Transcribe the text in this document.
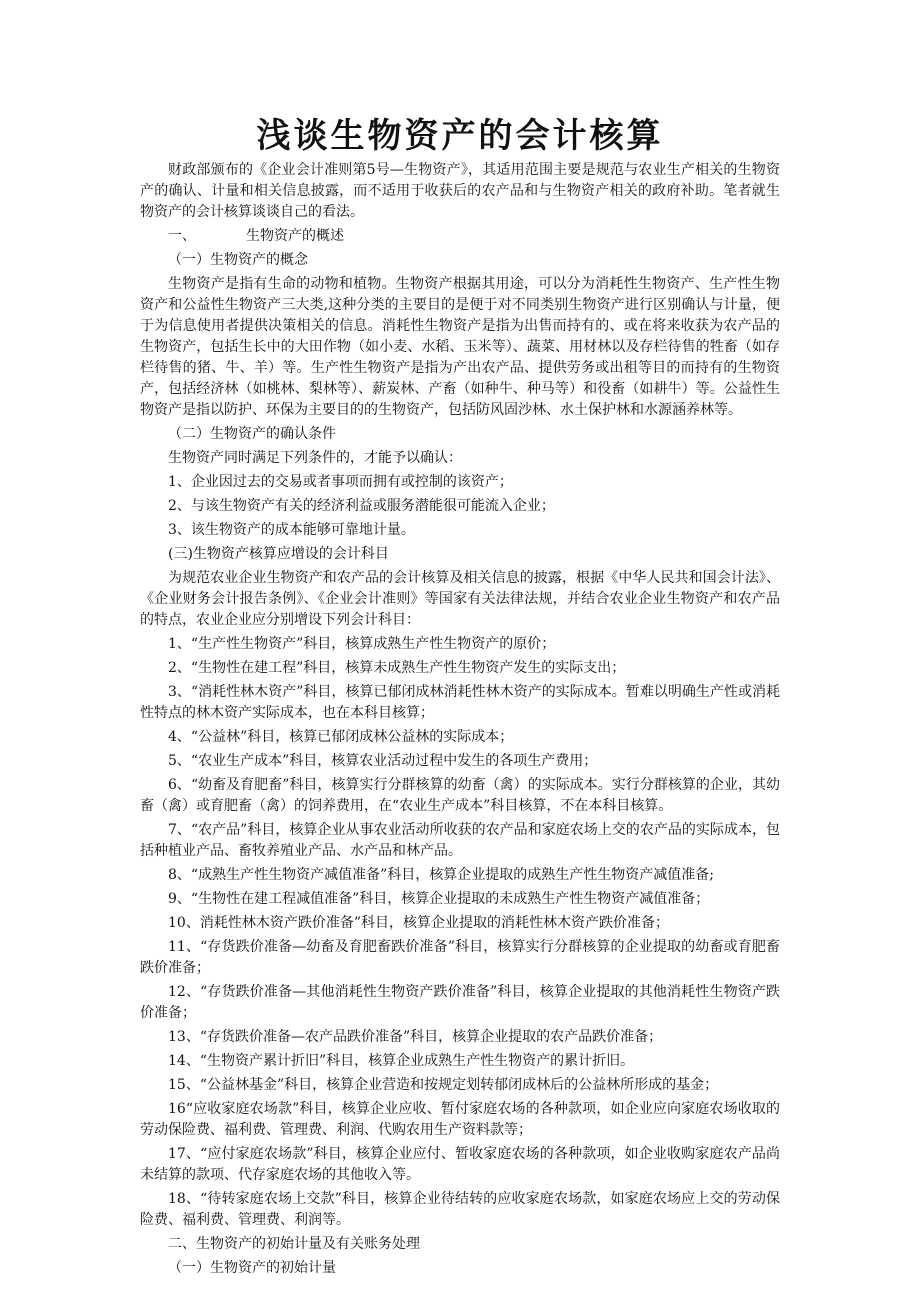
浅谈生物资产的会计核算

财政部颁布的《企业会计准则第5号—生物资产》，其适用范围主要是规范与农业生产相关的生物资产的确认、计量和相关信息披露，而不适用于收获后的农产品和与生物资产相关的政府补助。笔者就生物资产的会计核算谈谈自己的看法。

一、	生物资产的概述

（一）生物资产的概念

生物资产是指有生命的动物和植物。生物资产根据其用途，可以分为消耗性生物资产、生产性生物资产和公益性生物资产三大类,这种分类的主要目的是便于对不同类别生物资产进行区别确认与计量，便于为信息使用者提供决策相关的信息。消耗性生物资产是指为出售而持有的、或在将来收获为农产品的生物资产，包括生长中的大田作物（如小麦、水稻、玉米等）、蔬菜、用材林以及存栏待售的牲畜（如存栏待售的猪、牛、羊）等。生产性生物资产是指为产出农产品、提供劳务或出租等目的而持有的生物资产，包括经济林（如桃林、梨林等）、薪炭林、产畜（如种牛、种马等）和役畜（如耕牛）等。公益性生物资产是指以防护、环保为主要目的的生物资产，包括防风固沙林、水土保护林和水源涵养林等。

（二）生物资产的确认条件

生物资产同时满足下列条件的，才能予以确认：

1、企业因过去的交易或者事项而拥有或控制的该资产；

2、与该生物资产有关的经济利益或服务潜能很可能流入企业；

3、该生物资产的成本能够可靠地计量。

(三)生物资产核算应增设的会计科目

为规范农业企业生物资产和农产品的会计核算及相关信息的披露，根据《中华人民共和国会计法》、《企业财务会计报告条例》、《企业会计准则》等国家有关法律法规，并结合农业企业生物资产和农产品的特点，农业企业应分别增设下列会计科目：

1、“生产性生物资产”科目，核算成熟生产性生物资产的原价；

2、“生物性在建工程”科目，核算未成熟生产性生物资产发生的实际支出；

3、“消耗性林木资产”科目，核算已郁闭成林消耗性林木资产的实际成本。暂难以明确生产性或消耗性特点的林木资产实际成本，也在本科目核算；

4、“公益林”科目，核算已郁闭成林公益林的实际成本；

5、“农业生产成本”科目，核算农业活动过程中发生的各项生产费用；

6、“幼畜及育肥畜”科目，核算实行分群核算的幼畜（禽）的实际成本。实行分群核算的企业，其幼畜（禽）或育肥畜（禽）的饲养费用，在“农业生产成本”科目核算，不在本科目核算。

7、“农产品”科目，核算企业从事农业活动所收获的农产品和家庭农场上交的农产品的实际成本，包括种植业产品、畜牧养殖业产品、水产品和林产品。

8、“成熟生产性生物资产减值准备”科目，核算企业提取的成熟生产性生物资产减值准备;

9、“生物性在建工程减值准备”科目，核算企业提取的未成熟生产性生物资产减值准备；

10、消耗性林木资产跌价准备”科目，核算企业提取的消耗性林木资产跌价准备；

11、“存货跌价准备—幼畜及育肥畜跌价准备”科目，核算实行分群核算的企业提取的幼畜或育肥畜跌价准备；

12、“存货跌价准备—其他消耗性生物资产跌价准备”科目，核算企业提取的其他消耗性生物资产跌价准备；

13、“存货跌价准备—农产品跌价准备”科目，核算企业提取的农产品跌价准备；

14、“生物资产累计折旧”科目，核算企业成熟生产性生物资产的累计折旧。

15、“公益林基金”科目，核算企业营造和按规定划转郁闭成林后的公益林所形成的基金；

16“应收家庭农场款”科目，核算企业应收、暂付家庭农场的各种款项，如企业应向家庭农场收取的劳动保险费、福利费、管理费、利润、代购农用生产资料款等；

17、“应付家庭农场款”科目，核算企业应付、暂收家庭农场的各种款项，如企业收购家庭农产品尚未结算的款项、代存家庭农场的其他收入等。

18、“待转家庭农场上交款”科目，核算企业待结转的应收家庭农场款，如家庭农场应上交的劳动保险费、福利费、管理费、利润等。

二、生物资产的初始计量及有关账务处理

（一）生物资产的初始计量
